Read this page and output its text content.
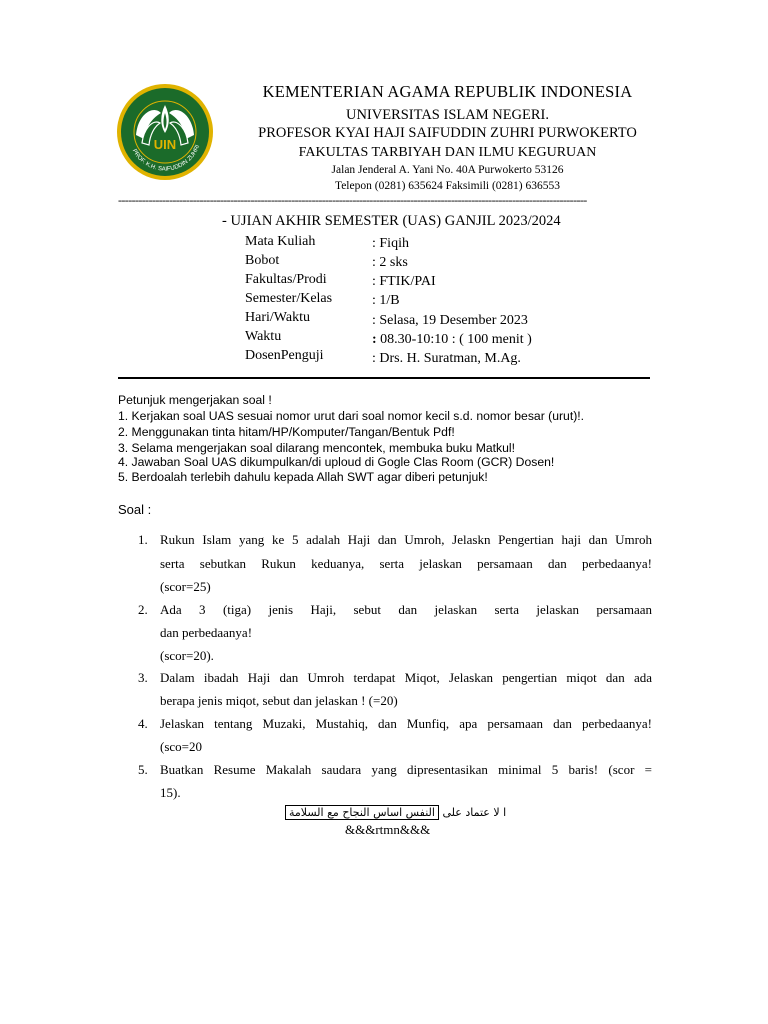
UIN
PROF. K.H. SAIFUDDIN ZUHRI
KEMENTERIAN AGAMA REPUBLIK INDONESIA
UNIVERSITAS ISLAM NEGERI.
PROFESOR KYAI HAJI SAIFUDDIN ZUHRI PURWOKERTO
FAKULTAS TARBIYAH DAN ILMU KEGURUAN
Jalan Jenderal A. Yani No. 40A Purwokerto 53126
Telepon (0281) 635624 Faksimili (0281) 636553
------------------------------------------------------------------------------------------------------------------------------------------
- UJIAN AKHIR SEMESTER (UAS) GANJIL 2023/2024
Mata Kuliah	: Fiqih
Bobot	: 2 sks
Fakultas/Prodi	: FTIK/PAI
Semester/Kelas	: 1/B
Hari/Waktu	: Selasa, 19 Desember 2023
Waktu	: 08.30-10:10 : ( 100 menit )
DosenPenguji	: Drs. H. Suratman, M.Ag.
Petunjuk mengerjakan soal !
1. Kerjakan soal UAS sesuai nomor urut dari soal nomor kecil s.d. nomor besar (urut)!.
2. Menggunakan tinta hitam/HP/Komputer/Tangan/Bentuk Pdf!
3. Selama mengerjakan soal dilarang mencontek, membuka buku Matkul!
4. Jawaban Soal UAS dikumpulkan/di uploud di Gogle Clas Room (GCR) Dosen!
5. Berdoalah terlebih dahulu kepada Allah SWT agar diberi petunjuk!
Soal :
1. Rukun Islam yang ke 5 adalah Haji dan Umroh, Jelaskn Pengertian haji dan Umroh
serta sebutkan Rukun keduanya, serta jelaskan persamaan dan perbedaanya!
(scor=25)
2. Ada 3 (tiga) jenis Haji, sebut dan jelaskan serta jelaskan persamaan
dan perbedaanya!
(scor=20).
3. Dalam ibadah Haji dan Umroh terdapat Miqot, Jelaskan pengertian miqot dan ada
berapa jenis miqot, sebut dan jelaskan ! (=20)
4. Jelaskan tentang Muzaki, Mustahiq, dan Munfiq, apa persamaan dan perbedaanya!
(sco=20
5. Buatkan Resume Makalah saudara yang dipresentasikan minimal 5 baris! (scor =
15).
ا لا عتماد على النفس اساس النجاح مع السلامة
&&&rtmn&&&
